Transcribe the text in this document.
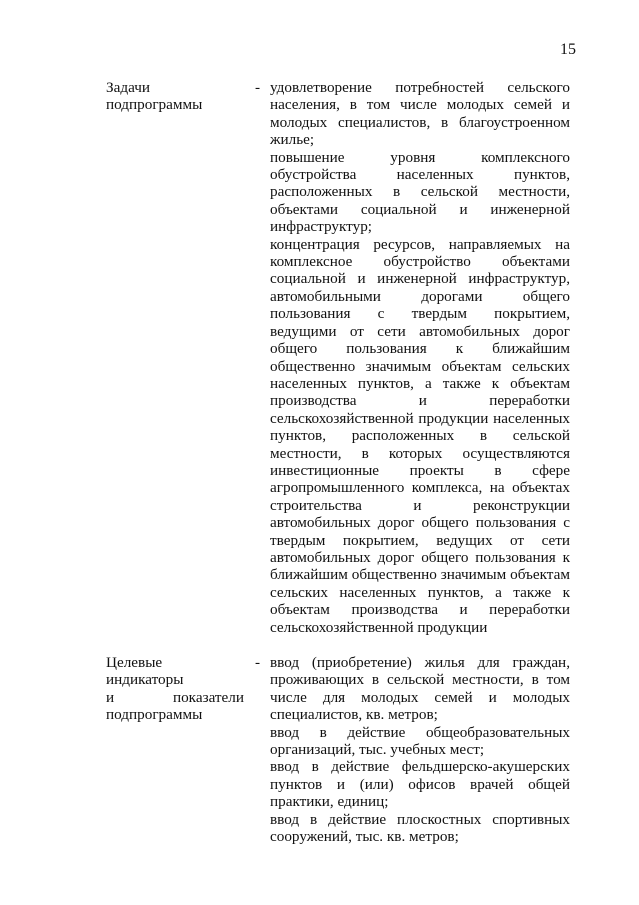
15
Задачи
подпрограммы
- удовлетворение потребностей сельского населения, в том числе молодых семей и молодых специалистов, в благоустроенном жилье;

повышение уровня комплексного обустройства населенных пунктов, расположенных в сельской местности, объектами социальной и инженерной инфраструктур;

концентрация ресурсов, направляемых на комплексное обустройство объектами социальной и инженерной инфраструктур, автомобильными дорогами общего пользования с твердым покрытием, ведущими от сети автомобильных дорог общего пользования к ближайшим общественно значимым объектам сельских населенных пунктов, а также к объектам производства и переработки сельскохозяйственной продукции населенных пунктов, расположенных в сельской местности, в которых осуществляются инвестиционные проекты в сфере агропромышленного комплекса, на объектах строительства и реконструкции автомобильных дорог общего пользования с твердым покрытием, ведущих от сети автомобильных дорог общего пользования к ближайшим общественно значимым объектам сельских населенных пунктов, а также к объектам производства и переработки сельскохозяйственной продукции

Целевые
индикаторы
и показатели
подпрограммы
- ввод (приобретение) жилья для граждан, проживающих в сельской местности, в том числе для молодых семей и молодых специалистов, кв. метров;

ввод в действие общеобразовательных организаций, тыс. учебных мест;

ввод в действие фельдшерско-акушерских пунктов и (или) офисов врачей общей практики, единиц;

ввод в действие плоскостных спортивных сооружений, тыс. кв. метров;
